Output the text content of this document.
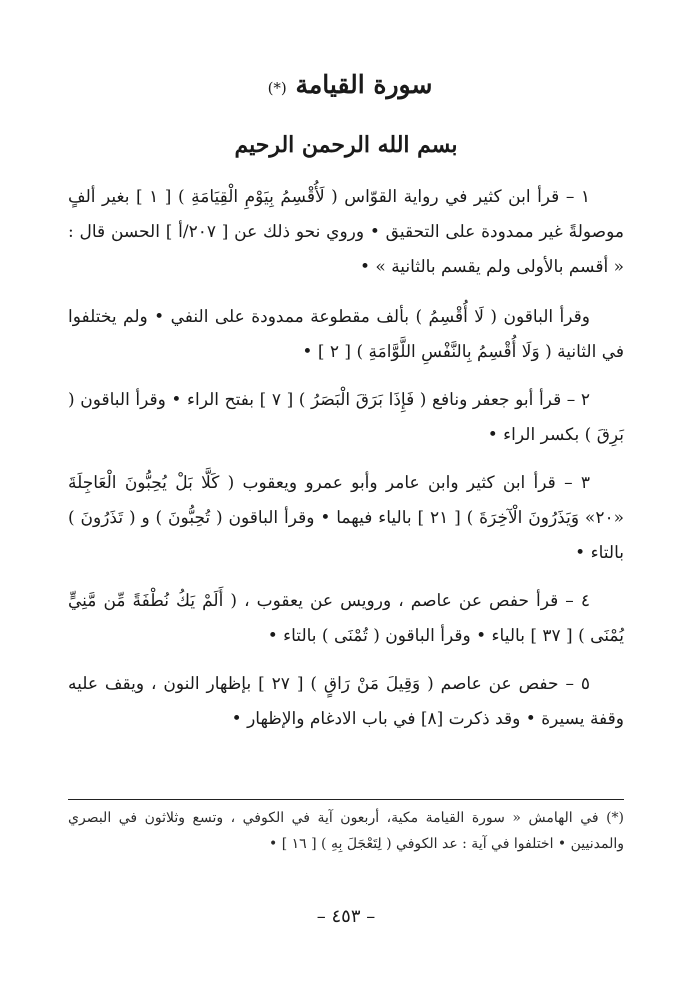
سورة القيامة (*)
بسم الله الرحمن الرحيم

١ – قرأ ابن كثير في رواية القوّاس ( لَأُقْسِمُ بِيَوْمِ الْقِيَامَةِ ) [ ١ ] بغير ألفٍ موصولةً غير ممدودة على التحقيق • وروي نحو ذلك عن [ ٢٠٧/أ ] الحسن قال : « أقسم بالأولى ولم يقسم بالثانية » •

وقرأ الباقون ( لَا أُقْسِمُ ) بألف مقطوعة ممدودة على النفي • ولم يختلفوا في الثانية ( وَلَا أُقْسِمُ بِالنَّفْسِ اللَّوَّامَةِ ) [ ٢ ] •

٢ – قرأ أبو جعفر ونافع ( فَإِذَا بَرَقَ الْبَصَرُ ) [ ٧ ] بفتح الراء • وقرأ الباقون ( بَرِقَ ) بكسر الراء •

٣ – قرأ ابن كثير وابن عامر وأبو عمرو ويعقوب ( كَلَّا بَلْ يُحِبُّونَ الْعَاجِلَةَ «٢٠» وَيَذَرُونَ الْآخِرَةَ ) [ ٢١ ] بالياء فيهما • وقرأ الباقون ( تُحِبُّونَ ) و ( تَذَرُونَ ) بالتاء •

٤ – قرأ حفص عن عاصم ، ورويس عن يعقوب ، ( أَلَمْ يَكُ نُطْفَةً مِّن مَّنِيٍّ يُمْنَى ) [ ٣٧ ] بالياء • وقرأ الباقون ( تُمْنَى ) بالتاء •

٥ – حفص عن عاصم ( وَقِيلَ مَنْ رَاقٍ ) [ ٢٧ ] بإظهار النون ، ويقف عليه وقفة يسيرة • وقد ذكرت [٨] في باب الادغام والإظهار •

(*) في الهامش « سورة القيامة مكية، أربعون آية في الكوفي ، وتسع وثلاثون في البصري والمدنيين • اختلفوا في آية : عد الكوفي ( لِتَعْجَلَ بِهِ ) [ ١٦ ] •
– ٤٥٣ –
